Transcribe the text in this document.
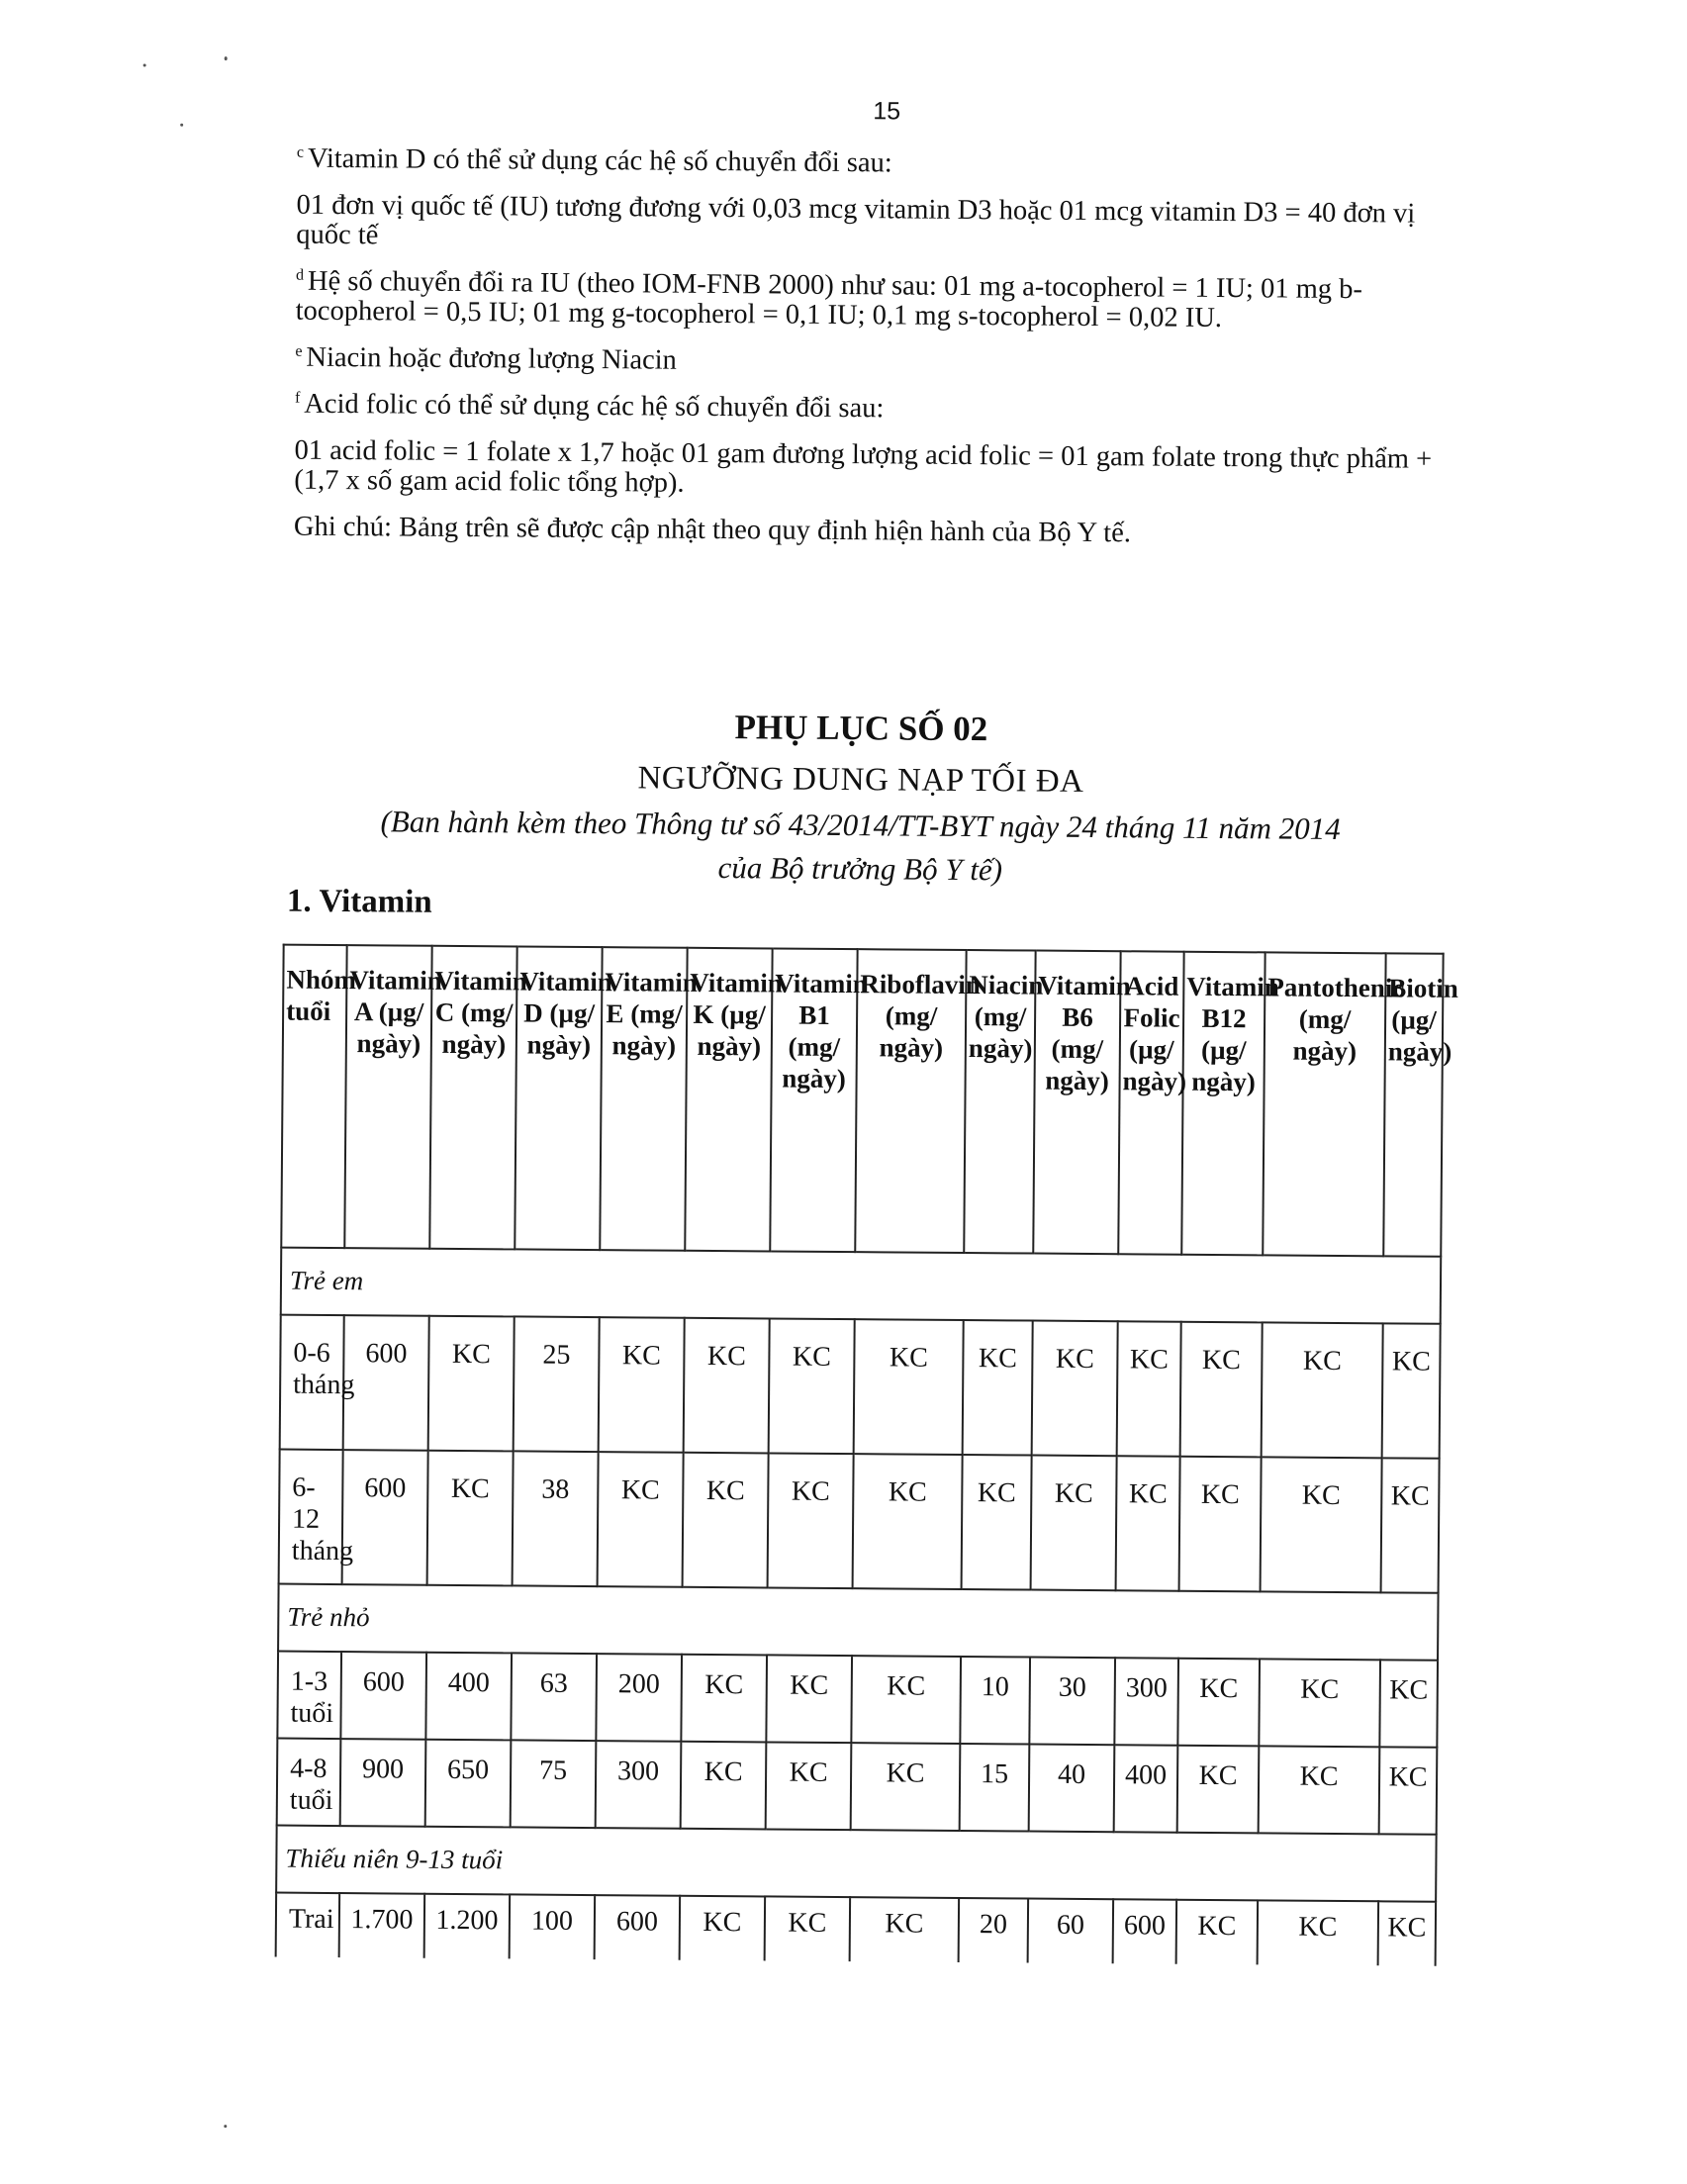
15

$^c$ Vitamin D có thể sử dụng các hệ số chuyển đổi sau:

01 đơn vị quốc tế (IU) tương đương với 0,03 mcg vitamin D3 hoặc 01 mcg vitamin D3 = 40 đơn vị quốc tế

$^d$ Hệ số chuyển đổi ra IU (theo IOM-FNB 2000) như sau: 01 mg a-tocopherol = 1 IU; 01 mg b-tocopherol = 0,5 IU; 01 mg g-tocopherol = 0,1 IU; 0,1 mg s-tocopherol = 0,02 IU.

$^e$ Niacin hoặc đương lượng Niacin

$^f$ Acid folic có thể sử dụng các hệ số chuyển đổi sau:

01 acid folic = 1 folate x 1,7 hoặc 01 gam đương lượng acid folic = 01 gam folate trong thực phẩm + (1,7 x số gam acid folic tổng hợp).

Ghi chú: Bảng trên sẽ được cập nhật theo quy định hiện hành của Bộ Y tế.

PHỤ LỤC SỐ 02

NGƯỠNG DUNG NẠP TỐI ĐA

(Ban hành kèm theo Thông tư số 43/2014/TT-BYT ngày 24 tháng 11 năm 2014

của Bộ trưởng Bộ Y tế)

1. Vitamin
Nhóm tuổi	Vitamin A (µg/ ngày)	Vitamin C (mg/ ngày)	Vitamin D (µg/ ngày)	Vitamin E (mg/ ngày)	Vitamin K (µg/ ngày)	Vitamin B1 (mg/ ngày)	Riboflavin (mg/ ngày)	Niacin (mg/ ngày)	Vitamin B6 (mg/ ngày)	Acid Folic (µg/ ngày)	Vitamin B12 (µg/ ngày)	Pantothenic (mg/ ngày)	Biotin (µg/ ngày)
Trẻ em													
0-6 tháng	600	KC	25	KC	KC	KC	KC	KC	KC	KC	KC	KC	KC
6-12 tháng	600	KC	38	KC	KC	KC	KC	KC	KC	KC	KC	KC	KC
Trẻ nhỏ													
1-3 tuổi	600	400	63	200	KC	KC	KC	10	30	300	KC	KC	KC
4-8 tuổi	900	650	75	300	KC	KC	KC	15	40	400	KC	KC	KC
Thiếu niên 9-13 tuổi													
Trai	1.700	1.200	100	600	KC	KC	KC	20	60	600	KC	KC	KC
